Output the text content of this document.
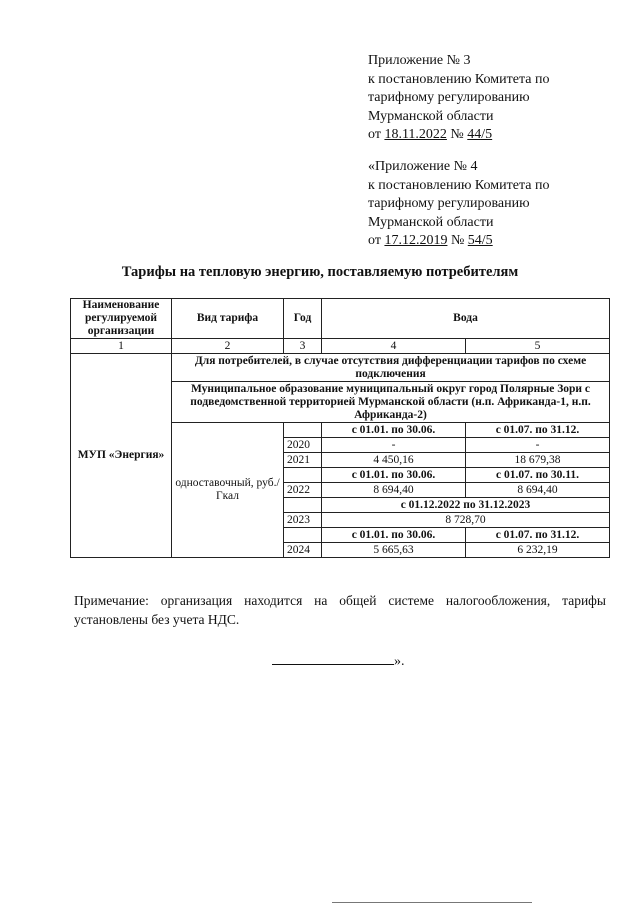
Приложение № 3
к постановлению Комитета по
тарифному регулированию
Мурманской области
от 18.11.2022 № 44/5
«Приложение № 4
к постановлению Комитета по
тарифному регулированию
Мурманской области
от 17.12.2019 № 54/5
Тарифы на тепловую энергию, поставляемую потребителям
Наименование регулируемой организации	Вид тарифа	Год	Вода	
1	2	3	4	5
МУП «Энергия»	Для потребителей, в случае отсутствия дифференциации тарифов по схеме подключения			
	Муниципальное образование муниципальный округ город Полярные Зори с подведомственной территорией Мурманской области (н.п. Африканда-1, н.п. Африканда-2)			
	одноставочный, руб./Гкал		с 01.01. по 30.06.	с 01.07. по 31.12.
		2020	-	-
		2021	4 450,16	18 679,38
			с 01.01. по 30.06.	с 01.07. по 30.11.
		2022	8 694,40	8 694,40
			с 01.12.2022 по 31.12.2023	
		2023	8 728,70	
			с 01.01. по 30.06.	с 01.07. по 31.12.
		2024	5 665,63	6 232,19
Примечание: организация находится на общей системе налогообложения, тарифы установлены без учета НДС.
».
